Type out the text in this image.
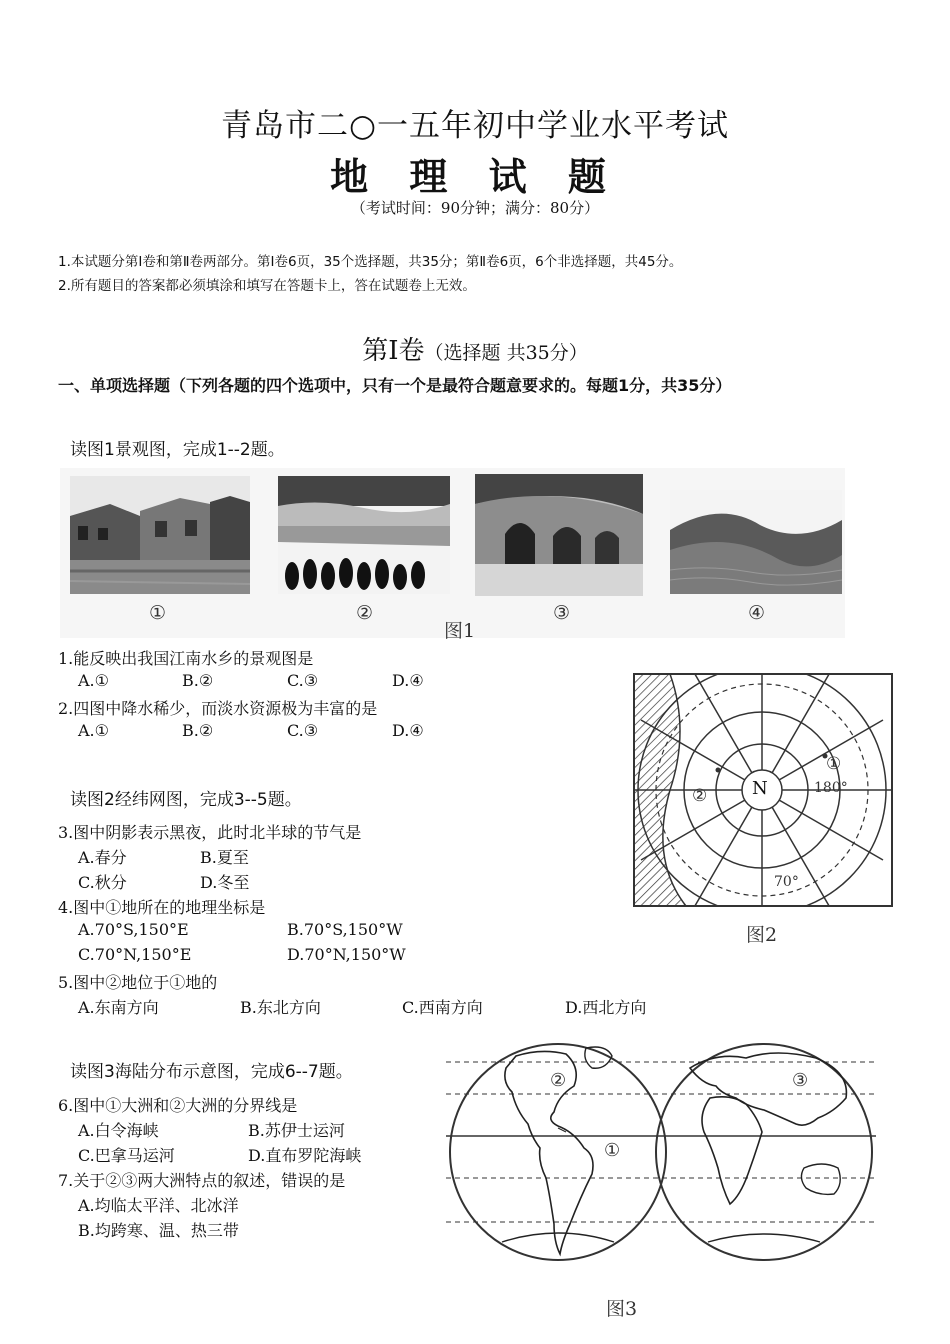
青岛市二○一五年初中学业水平考试
地 理 试 题
（考试时间：90分钟；满分：80分）
1.本试题分第Ⅰ卷和第Ⅱ卷两部分。第Ⅰ卷6页，35个选择题，共35分；第Ⅱ卷6页，6个非选择题，共45分。
2.所有题目的答案都必须填涂和填写在答题卡上，答在试题卷上无效。
第Ⅰ卷（选择题 共35分）
一、单项选择题（下列各题的四个选项中，只有一个是最符合题意要求的。每题1分，共35分）
读图1景观图，完成1--2题。
①	②	③	④
图1
1.能反映出我国江南水乡的景观图是
A.①	B.②	C.③	D.④
2.四图中降水稀少，而淡水资源极为丰富的是
A.①	B.②	C.③	D.④
N	180°
70°
①
②
图2
读图2经纬网图，完成3--5题。
3.图中阴影表示黑夜，此时北半球的节气是
A.春分	B.夏至
C.秋分	D.冬至
4.图中①地所在的地理坐标是
A.70°S,150°E	B.70°S,150°W
C.70°N,150°E	D.70°N,150°W
5.图中②地位于①地的
A.东南方向	B.东北方向	C.西南方向	D.西北方向
读图3海陆分布示意图，完成6--7题。
6.图中①大洲和②大洲的分界线是
A.白令海峡	B.苏伊士运河
C.巴拿马运河	D.直布罗陀海峡
7.关于②③两大洲特点的叙述，错误的是
A.均临太平洋、北冰洋
B.均跨寒、温、热三带
①
②	③
图3
